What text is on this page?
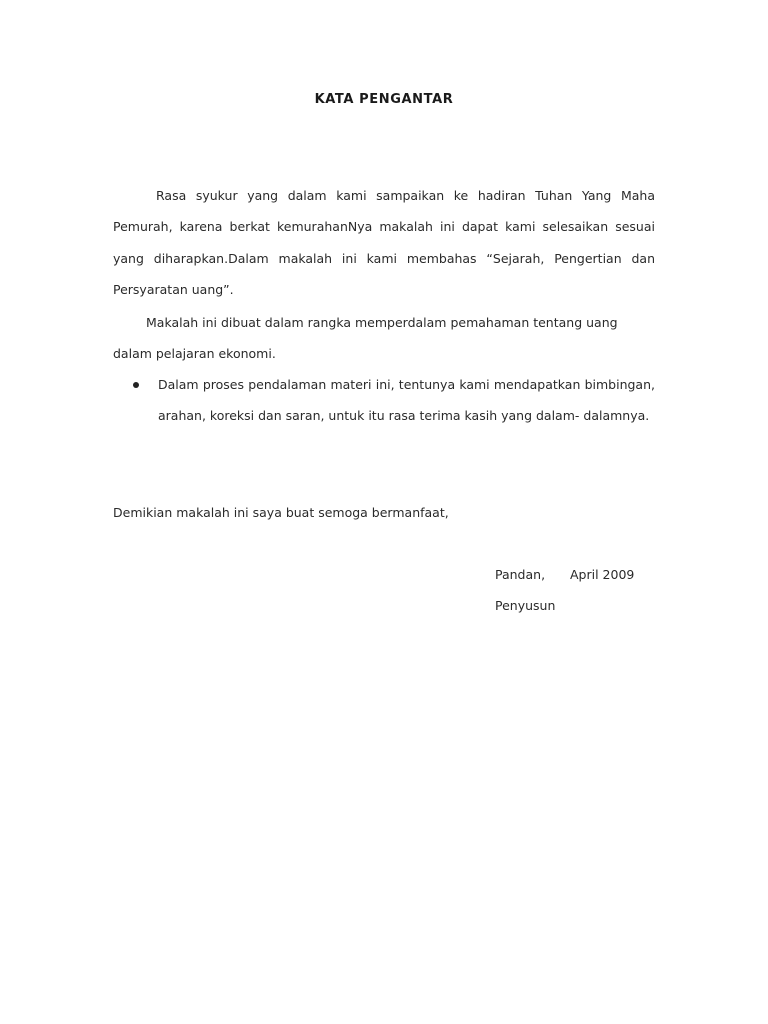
KATA PENGANTAR

Rasa syukur yang dalam kami sampaikan ke hadiran Tuhan Yang Maha Pemurah, karena berkat kemurahanNya makalah ini dapat kami selesaikan sesuai yang diharapkan.Dalam makalah ini kami membahas “Sejarah, Pengertian dan Persyaratan uang”.

Makalah ini dibuat dalam rangka memperdalam pemahaman tentang uang dalam pelajaran ekonomi.

Dalam proses pendalaman materi ini, tentunya kami mendapatkan bimbingan, arahan, koreksi dan saran, untuk itu rasa terima kasih yang dalam- dalamnya.
Demikian makalah ini saya buat semoga bermanfaat,
Pandan, April 2009
Penyusun
